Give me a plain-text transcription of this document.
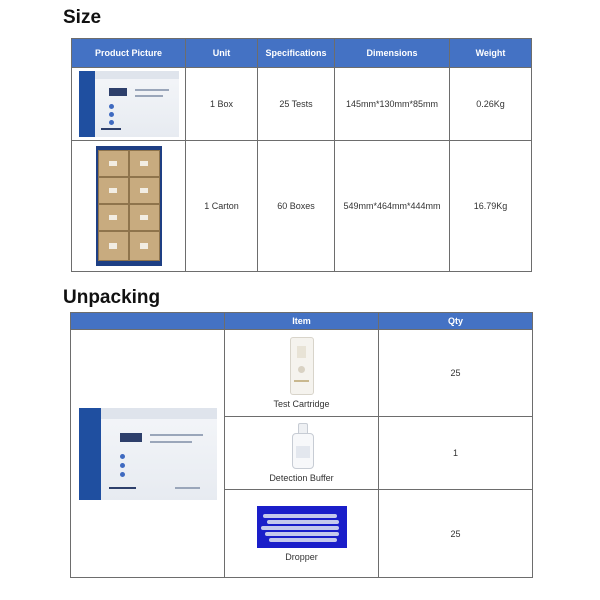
Size
Product Picture	Unit	Specifications	Dimensions	Weight

	1 Box	25 Tests	145mm*130mm*85mm	0.26Kg

	1 Carton	60 Boxes	549mm*464mm*444mm	16.79Kg
Unpacking
	Item	Qty

	Test Cartridge	25

	Detection Buffer	1

	Dropper	25
